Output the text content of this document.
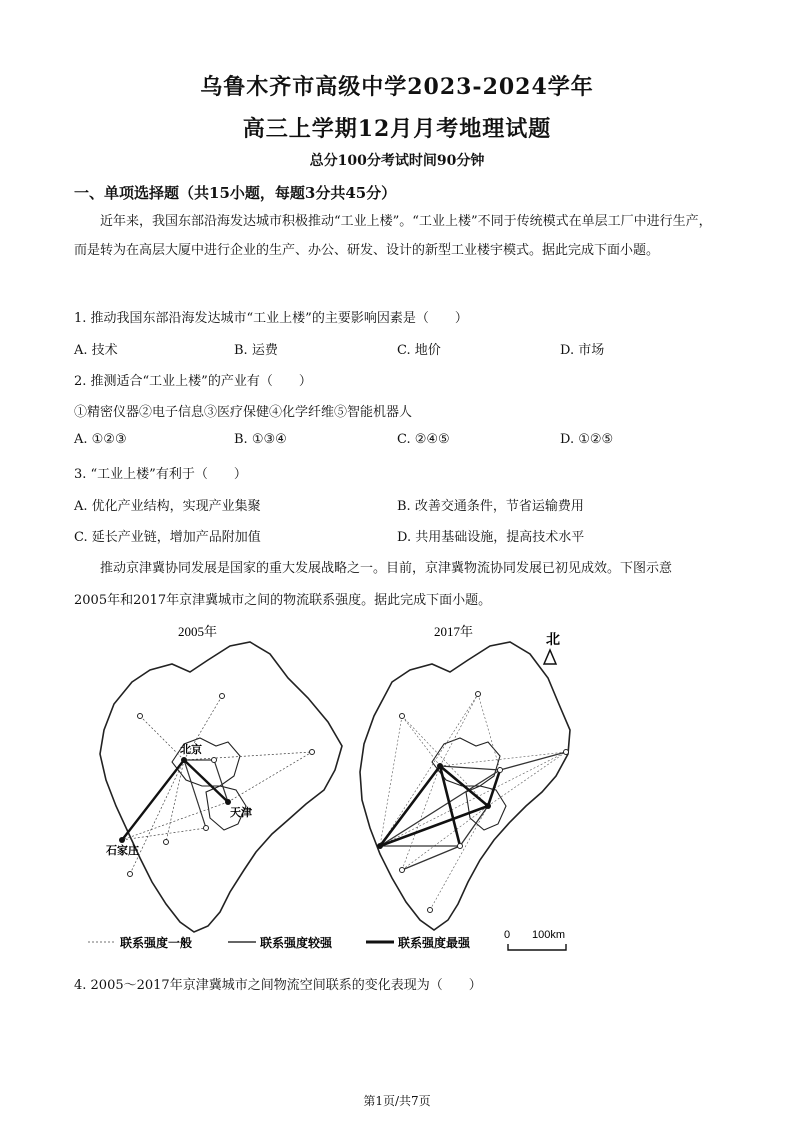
乌鲁木齐市高级中学2023-2024学年
高三上学期12月月考地理试题
总分100分考试时间90分钟
一、单项选择题（共15小题，每题3分共45分）
近年来，我国东部沿海发达城市积极推动“工业上楼”。“工业上楼”不同于传统模式在单层工厂中进行生产，而是转为在高层大厦中进行企业的生产、办公、研发、设计的新型工业楼宇模式。据此完成下面小题。
1. 推动我国东部沿海发达城市“工业上楼”的主要影响因素是（　　）
A. 技术	B. 运费	C. 地价	D. 市场
2. 推测适合“工业上楼”的产业有（　　）
①精密仪器②电子信息③医疗保健④化学纤维⑤智能机器人
A. ①②③	B. ①③④	C. ②④⑤	D. ①②⑤
3. “工业上楼”有利于（　　）
A. 优化产业结构，实现产业集聚	B. 改善交通条件，节省运输费用
C. 延长产业链，增加产品附加值	D. 共用基础设施，提高技术水平
推动京津冀协同发展是国家的重大发展战略之一。目前，京津冀物流协同发展已初见成效。下图示意
2005年和2017年京津冀城市之间的物流联系强度。据此完成下面小题。
2005年
北京
天津
石家庄
2017年	北
联系强度一般	联系强度较强	联系强度最强
0 100km
4. 2005～2017年京津冀城市之间物流空间联系的变化表现为（　　）
第1页/共7页
